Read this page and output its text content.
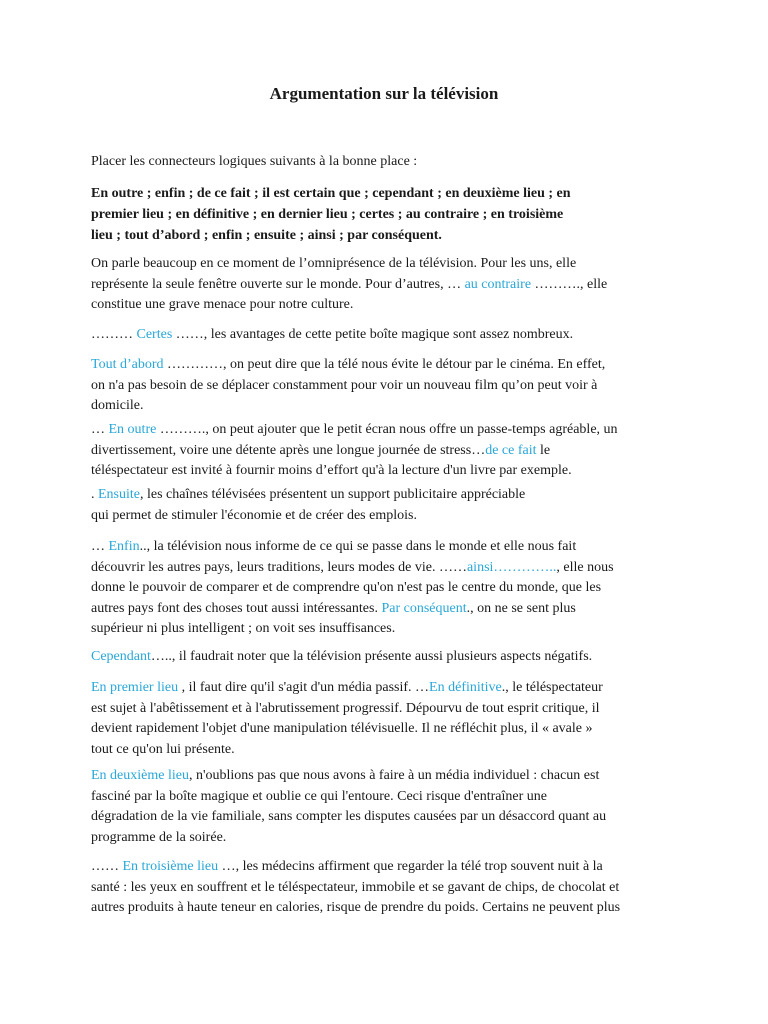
Argumentation sur la télévision
Placer les connecteurs logiques suivants à la bonne place :
En outre ; enfin ; de ce fait ; il est certain que ; cependant ; en deuxième lieu ; en
premier lieu ; en définitive ; en dernier lieu ; certes ; au contraire ; en troisième
lieu ; tout d’abord ; enfin ; ensuite ; ainsi ; par conséquent.
On parle beaucoup en ce moment de l’omniprésence de la télévision. Pour les uns, elle
représente la seule fenêtre ouverte sur le monde. Pour d’autres, … au contraire ………., elle
constitue une grave menace pour notre culture.
……… Certes ……, les avantages de cette petite boîte magique sont assez nombreux.
Tout d’abord …………, on peut dire que la télé nous évite le détour par le cinéma. En effet,
on n'a pas besoin de se déplacer constamment pour voir un nouveau film qu’on peut voir à
domicile.
… En outre ………., on peut ajouter que le petit écran nous offre un passe-temps agréable, un
divertissement, voire une détente après une longue journée de stress…de ce fait le
téléspectateur est invité à fournir moins d’effort qu'à la lecture d'un livre par exemple.
. Ensuite, les chaînes télévisées présentent un support publicitaire appréciable
qui permet de stimuler l'économie et de créer des emplois.
… Enfin.., la télévision nous informe de ce qui se passe dans le monde et elle nous fait
découvrir les autres pays, leurs traditions, leurs modes de vie. ……ainsi………….., elle nous
donne le pouvoir de comparer et de comprendre qu'on n'est pas le centre du monde, que les
autres pays font des choses tout aussi intéressantes. Par conséquent., on ne se sent plus
supérieur ni plus intelligent ; on voit ses insuffisances.
Cependant….., il faudrait noter que la télévision présente aussi plusieurs aspects négatifs.
En premier lieu , il faut dire qu'il s'agit d'un média passif. …En définitive., le téléspectateur
est sujet à l'abêtissement et à l'abrutissement progressif. Dépourvu de tout esprit critique, il
devient rapidement l'objet d'une manipulation télévisuelle. Il ne réfléchit plus, il « avale »
tout ce qu'on lui présente.
En deuxième lieu, n'oublions pas que nous avons à faire à un média individuel : chacun est
fasciné par la boîte magique et oublie ce qui l'entoure. Ceci risque d'entraîner une
dégradation de la vie familiale, sans compter les disputes causées par un désaccord quant au
programme de la soirée.
…… En troisième lieu …, les médecins affirment que regarder la télé trop souvent nuit à la
santé : les yeux en souffrent et le téléspectateur, immobile et se gavant de chips, de chocolat et
autres produits à haute teneur en calories, risque de prendre du poids. Certains ne peuvent plus
